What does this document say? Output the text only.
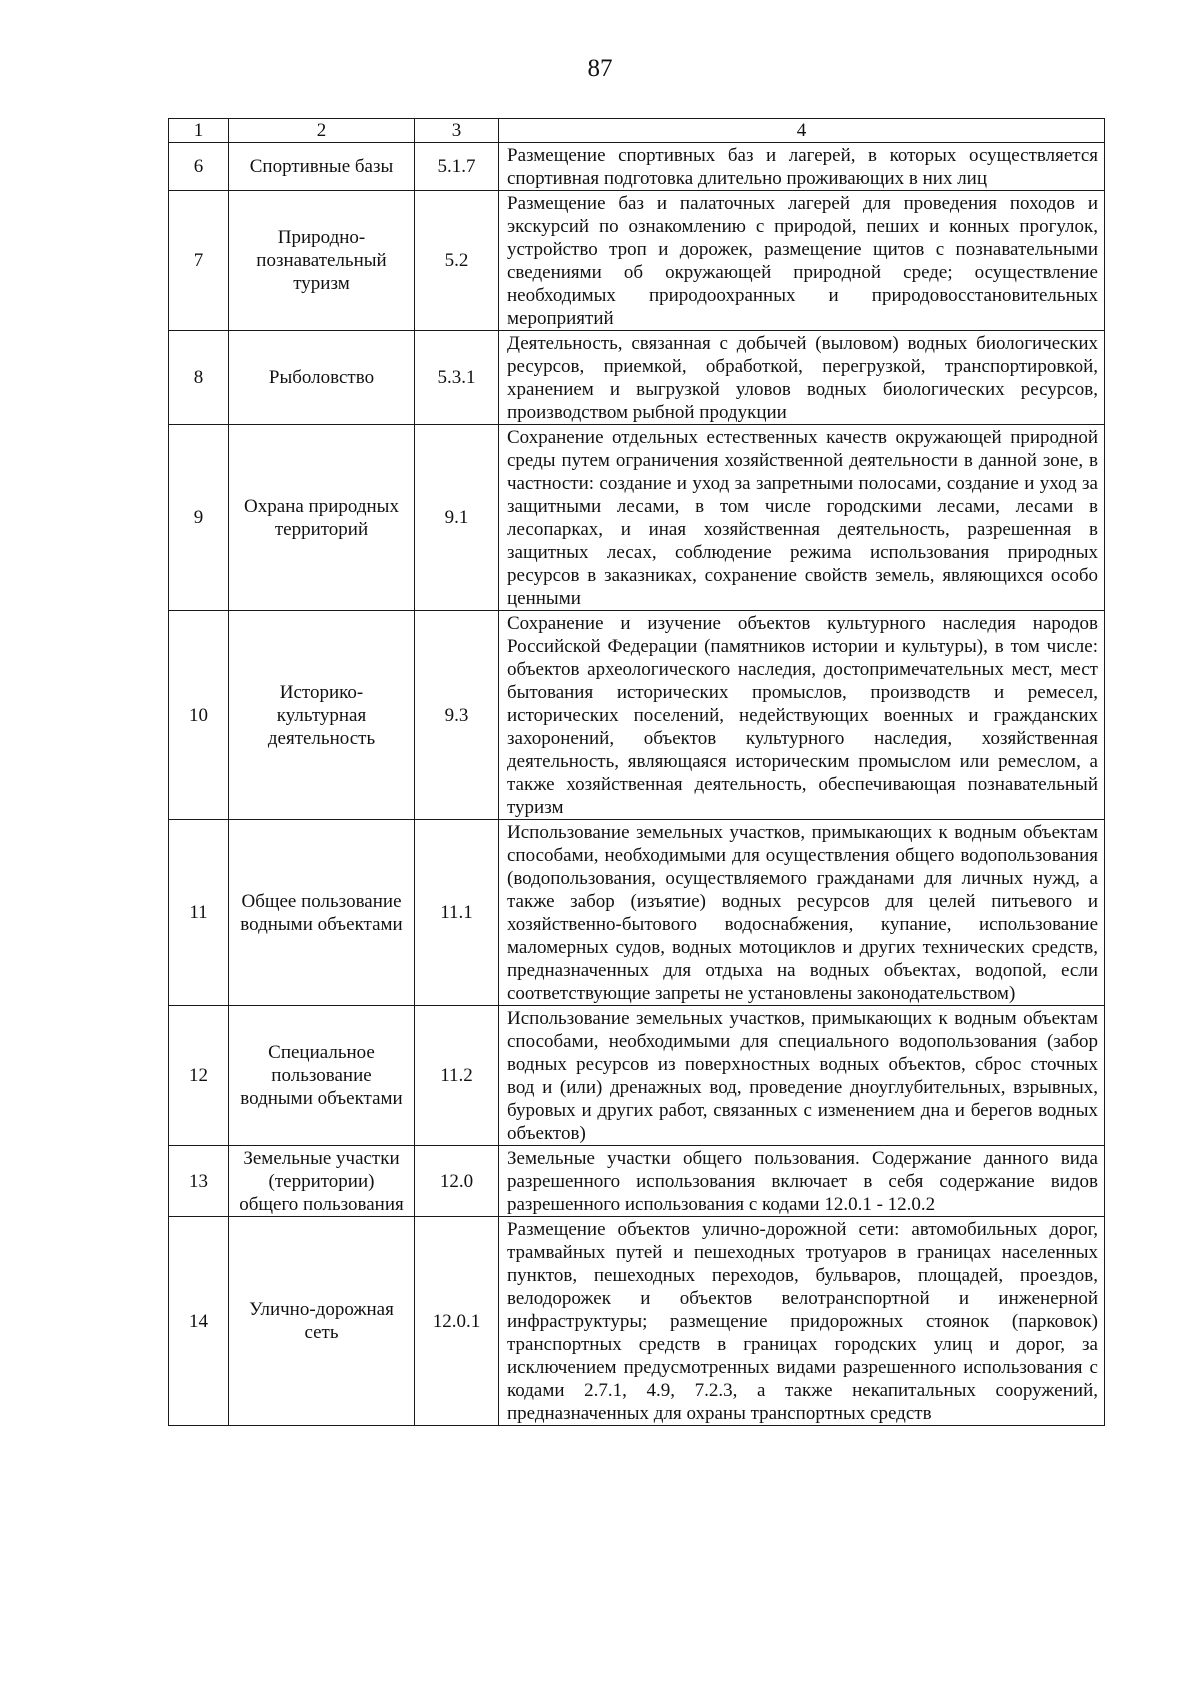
87
1	2	3	4
6	Спортивные базы	5.1.7	Размещение спортивных баз и лагерей, в которых осуществляется спортивная подготовка длительно проживающих в них лиц
7	Природно-познавательный туризм	5.2	Размещение баз и палаточных лагерей для проведения походов и экскурсий по ознакомлению с природой, пеших и конных прогулок, устройство троп и дорожек, размещение щитов с познавательными сведениями об окружающей природной среде; осуществление необходимых природоохранных и природовосстановительных мероприятий
8	Рыболовство	5.3.1	Деятельность, связанная с добычей (выловом) водных биологических ресурсов, приемкой, обработкой, перегрузкой, транспортировкой, хранением и выгрузкой уловов водных биологических ресурсов, производством рыбной продукции
9	Охрана природных территорий	9.1	Сохранение отдельных естественных качеств окружающей природной среды путем ограничения хозяйственной деятельности в данной зоне, в частности: создание и уход за запретными полосами, создание и уход за защитными лесами, в том числе городскими лесами, лесами в лесопарках, и иная хозяйственная деятельность, разрешенная в защитных лесах, соблюдение режима использования природных ресурсов в заказниках, сохранение свойств земель, являющихся особо ценными
10	Историко-культурная деятельность	9.3	Сохранение и изучение объектов культурного наследия народов Российской Федерации (памятников истории и культуры), в том числе: объектов археологического наследия, достопримечательных мест, мест бытования исторических промыслов, производств и ремесел, исторических поселений, недействующих военных и гражданских захоронений, объектов культурного наследия, хозяйственная деятельность, являющаяся историческим промыслом или ремеслом, а также хозяйственная деятельность, обеспечивающая познавательный туризм
11	Общее пользование водными объектами	11.1	Использование земельных участков, примыкающих к водным объектам способами, необходимыми для осуществления общего водопользования (водопользования, осуществляемого гражданами для личных нужд, а также забор (изъятие) водных ресурсов для целей питьевого и хозяйственно-бытового водоснабжения, купание, использование маломерных судов, водных мотоциклов и других технических средств, предназначенных для отдыха на водных объектах, водопой, если соответствующие запреты не установлены законодательством)
12	Специальное пользование водными объектами	11.2	Использование земельных участков, примыкающих к водным объектам способами, необходимыми для специального водопользования (забор водных ресурсов из поверхностных водных объектов, сброс сточных вод и (или) дренажных вод, проведение дноуглубительных, взрывных, буровых и других работ, связанных с изменением дна и берегов водных объектов)
13	Земельные участки (территории) общего пользования	12.0	Земельные участки общего пользования. Содержание данного вида разрешенного использования включает в себя содержание видов разрешенного использования с кодами 12.0.1 - 12.0.2
14	Улично-дорожная сеть	12.0.1	Размещение объектов улично-дорожной сети: автомобильных дорог, трамвайных путей и пешеходных тротуаров в границах населенных пунктов, пешеходных переходов, бульваров, площадей, проездов, велодорожек и объектов велотранспортной и инженерной инфраструктуры; размещение придорожных стоянок (парковок) транспортных средств в границах городских улиц и дорог, за исключением предусмотренных видами разрешенного использования с кодами 2.7.1, 4.9, 7.2.3, а также некапитальных сооружений, предназначенных для охраны транспортных средств
